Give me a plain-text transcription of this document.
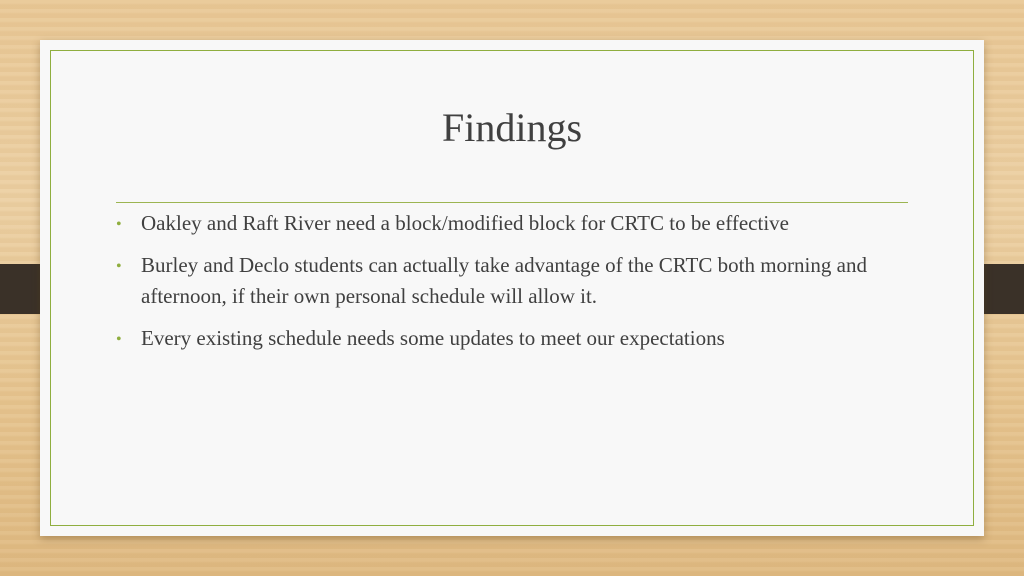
Findings
• Oakley and Raft River need a block/modified block for CRTC to be effective
• Burley and Declo students can actually take advantage of the CRTC both morning and afternoon, if their own personal schedule will allow it.
• Every existing schedule needs some updates to meet our expectations
